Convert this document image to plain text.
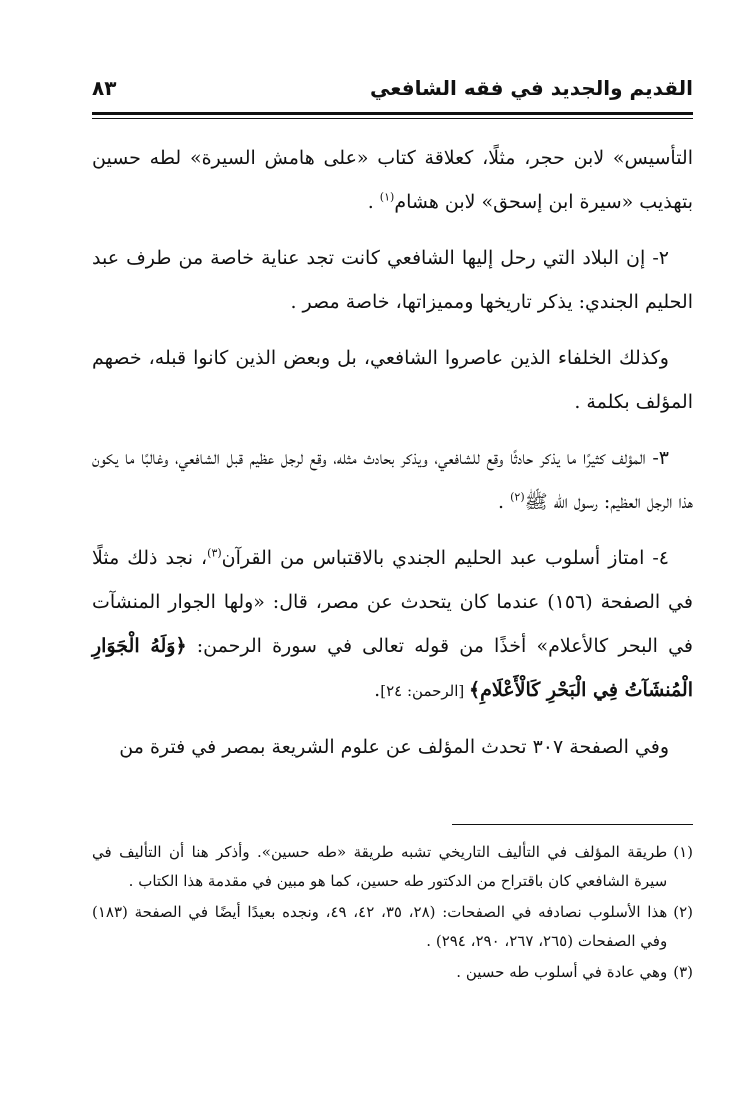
القديم والجديد في فقه الشافعي
٨٣

التأسيس» لابن حجر، مثلًا، كعلاقة كتاب «على هامش السيرة» لطه حسين بتهذيب «سيرة ابن إسحق» لابن هشام$^{(١)}$ .

٢- إن البلاد التي رحل إليها الشافعي كانت تجد عناية خاصة من طرف عبد الحليم الجندي: يذكر تاريخها ومميزاتها، خاصة مصر .

وكذلك الخلفاء الذين عاصروا الشافعي، بل وبعض الذين كانوا قبله، خصهم المؤلف بكلمة .

٣- المؤلف كثيرًا ما يذكر حادثًا وقع للشافعي، ويذكر بحادث مثله، وقع لرجل عظيم قبل الشافعي، وغالبًا ما يكون هذا الرجل العظيم: رسول الله ﷺ$^{(٢)}$ .

٤- امتاز أسلوب عبد الحليم الجندي بالاقتباس من القرآن$^{(٣)}$، نجد ذلك مثلًا في الصفحة (١٥٦) عندما كان يتحدث عن مصر، قال: «ولها الجوار المنشآت في البحر كالأعلام» أخذًا من قوله تعالى في سورة الرحمن: ﴿وَلَهُ الْجَوَارِ الْمُنشَآتُ فِي الْبَحْرِ كَالْأَعْلَامِ﴾ [الرحمن: ٢٤].

وفي الصفحة ٣٠٧ تحدث المؤلف عن علوم الشريعة بمصر في فترة من

(١)
طريقة المؤلف في التأليف التاريخي تشبه طريقة «طه حسين». وأذكر هنا أن التأليف في سيرة الشافعي كان باقتراح من الدكتور طه حسين، كما هو مبين في مقدمة هذا الكتاب .
(٢)
هذا الأسلوب نصادفه في الصفحات: (٢٨، ٣٥، ٤٢، ٤٩، ونجده بعيدًا أيضًا في الصفحة (١٨٣) وفي الصفحات (٢٦٥، ٢٦٧، ٢٩٠، ٢٩٤) .
(٣)
وهي عادة في أسلوب طه حسين .
